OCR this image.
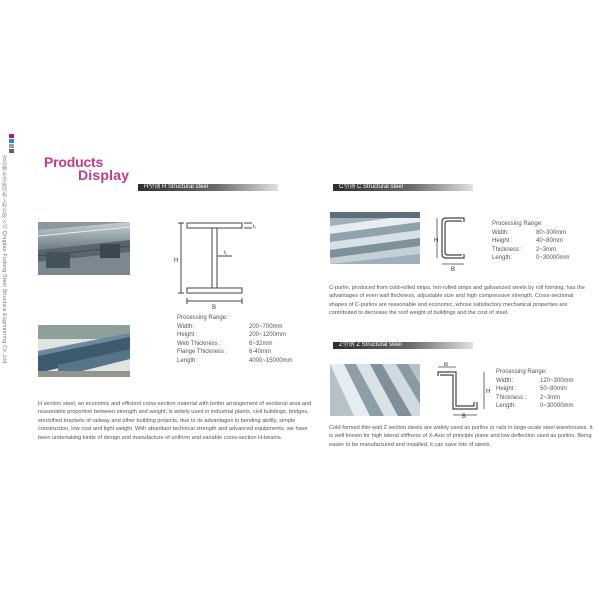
青岛佛东金属结构工程有限公司 Qingdao Fodong Steel Structure Engineering Co.,Ltd.	Products
Display
H型钢 H Structural steel
H
B
t₂
t₁
Processing Range:
Width:	200~700mm
Height :	200~1200mm
Web Thickness :	6~32mm
Flange Thickness :	6-40mm
Length:	4000~15000mm
H section steel, an economic and efficient cross-section material with better arrangement of sectional area and reasonable proportion between strength and weight, is widely used in industrial plants, civil buildings, bridges, electrified brackets of railway and other building projects, due to its advantages in bending ability, simple construction, low cost and light weight. With abundant technical strength and advanced equipments, we have been undertaking kinds of design and manufacture of uniform and variable cross-section H-beams.
C型钢 C Structural steel
H
B
Processing Range:
Width:	80~300mm
Height :	40~80mm
Thickness :	2~3mm
Length:	0~30000mm
C-purlin, produced from cold-rolled strips, hot-rolled strips and galvanized steels by roll forming, has the advantages of even wall thickness, adjustable size and high compressive strength. Cross-sectional shapes of C-purlins are reasonable and economic, whose satisfactory mechanical properties are contributed to decrease the roof weight of buildings and the cost of steel.
Z型钢 Z Structural steel
B
H
B
Processing Range:
Width:	120~300mm
Height :	50~80mm
Thickness :	2~3mm
Length:	0~30000mm
Cold-formed thin-wall Z section steels are widely used as purlins or rails in large-scale steel warehouses. It is well known for high lateral stiffness of X-Axis of principle plane and low deflection used as purlins. Being easier to be manufactured and installed, it can save lots of steels.
